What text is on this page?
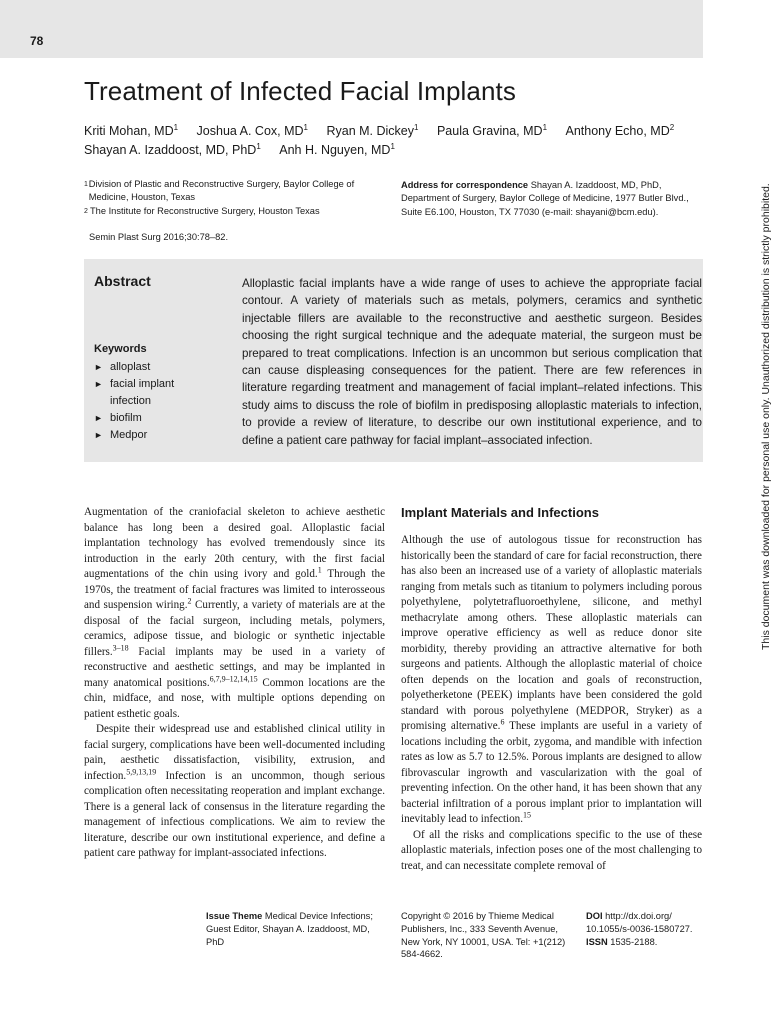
78
Treatment of Infected Facial Implants
Kriti Mohan, $MD^1$ Joshua A. Cox, $MD^1$ Ryan M. Dickey$^1$ Paula Gravina, $MD^1$ Anthony Echo, $MD^2$ Shayan A. Izaddoost, MD, PhD$^1$ Anh H. Nguyen, $MD^1$
1 Division of Plastic and Reconstructive Surgery, Baylor College of Medicine, Houston, Texas
2 The Institute for Reconstructive Surgery, Houston Texas
Address for correspondence Shayan A. Izaddoost, MD, PhD, Department of Surgery, Baylor College of Medicine, 1977 Butler Blvd., Suite E6.100, Houston, TX 77030 (e-mail: shayani@bcm.edu).
Semin Plast Surg 2016;30:78–82.
Abstract
Keywords
► alloplast
► facial implant infection
► biofilm
► Medpor
Alloplastic facial implants have a wide range of uses to achieve the appropriate facial contour. A variety of materials such as metals, polymers, ceramics and synthetic injectable fillers are available to the reconstructive and aesthetic surgeon. Besides choosing the right surgical technique and the adequate material, the surgeon must be prepared to treat complications. Infection is an uncommon but serious complication that can cause displeasing consequences for the patient. There are few references in literature regarding treatment and management of facial implant–related infections. This study aims to discuss the role of biofilm in predisposing alloplastic materials to infection, to provide a review of literature, to describe our own institutional experience, and to define a patient care pathway for facial implant–associated infection.	This document was downloaded for personal use only. Unauthorized distribution is strictly prohibited.

Augmentation of the craniofacial skeleton to achieve aesthetic balance has long been a desired goal. Alloplastic facial implantation technology has evolved tremendously since its introduction in the early 20th century, with the first facial augmentations of the chin using ivory and gold.$^1$ Through the 1970s, the treatment of facial fractures was limited to interosseous and suspension wiring.$^2$ Currently, a variety of materials are at the disposal of the facial surgeon, including metals, polymers, ceramics, adipose tissue, and biologic or synthetic injectable fillers.$^{3-18}$ Facial implants may be used in a variety of reconstructive and aesthetic settings, and may be implanted in many anatomical positions.$^{6,7,9-12,14,15}$ Common locations are the chin, midface, and nose, with multiple options depending on patient esthetic goals.

Despite their widespread use and established clinical utility in facial surgery, complications have been well-documented including pain, aesthetic dissatisfaction, visibility, extrusion, and infection.$^{5,9,13,19}$ Infection is an uncommon, though serious complication often necessitating reoperation and implant exchange. There is a general lack of consensus in the literature regarding the management of infectious complications. We aim to review the literature, describe our own institutional experience, and define a patient care pathway for implant-associated infections.

Implant Materials and Infections

Although the use of autologous tissue for reconstruction has historically been the standard of care for facial reconstruction, there has also been an increased use of a variety of alloplastic materials ranging from metals such as titanium to polymers including porous polyethylene, polytetrafluoroethylene, silicone, and methyl methacrylate among others. These alloplastic materials can improve operative efficiency as well as reduce donor site morbidity, thereby providing an attractive alternative for both surgeons and patients. Although the alloplastic material of choice often depends on the location and goals of reconstruction, polyetherketone (PEEK) implants have been considered the gold standard with porous polyethylene (MEDPOR, Stryker) as a promising alternative.$^6$ These implants are useful in a variety of locations including the orbit, zygoma, and mandible with infection rates as low as 5.7 to 12.5%. Porous implants are designed to allow fibrovascular ingrowth and vascularization with the goal of preventing infection. On the other hand, it has been shown that any bacterial infiltration of a porous implant prior to implantation will inevitably lead to infection.$^{15}$

Of all the risks and complications specific to the use of these alloplastic materials, infection poses one of the most challenging to treat, and can necessitate complete removal of

Issue Theme Medical Device Infections; Guest Editor, Shayan A. Izaddoost, MD, PhD
Copyright © 2016 by Thieme Medical Publishers, Inc., 333 Seventh Avenue, New York, NY 10001, USA. Tel: +1(212) 584-4662.
DOI http://dx.doi.org/ 10.1055/s-0036-1580727.
ISSN 1535-2188.
